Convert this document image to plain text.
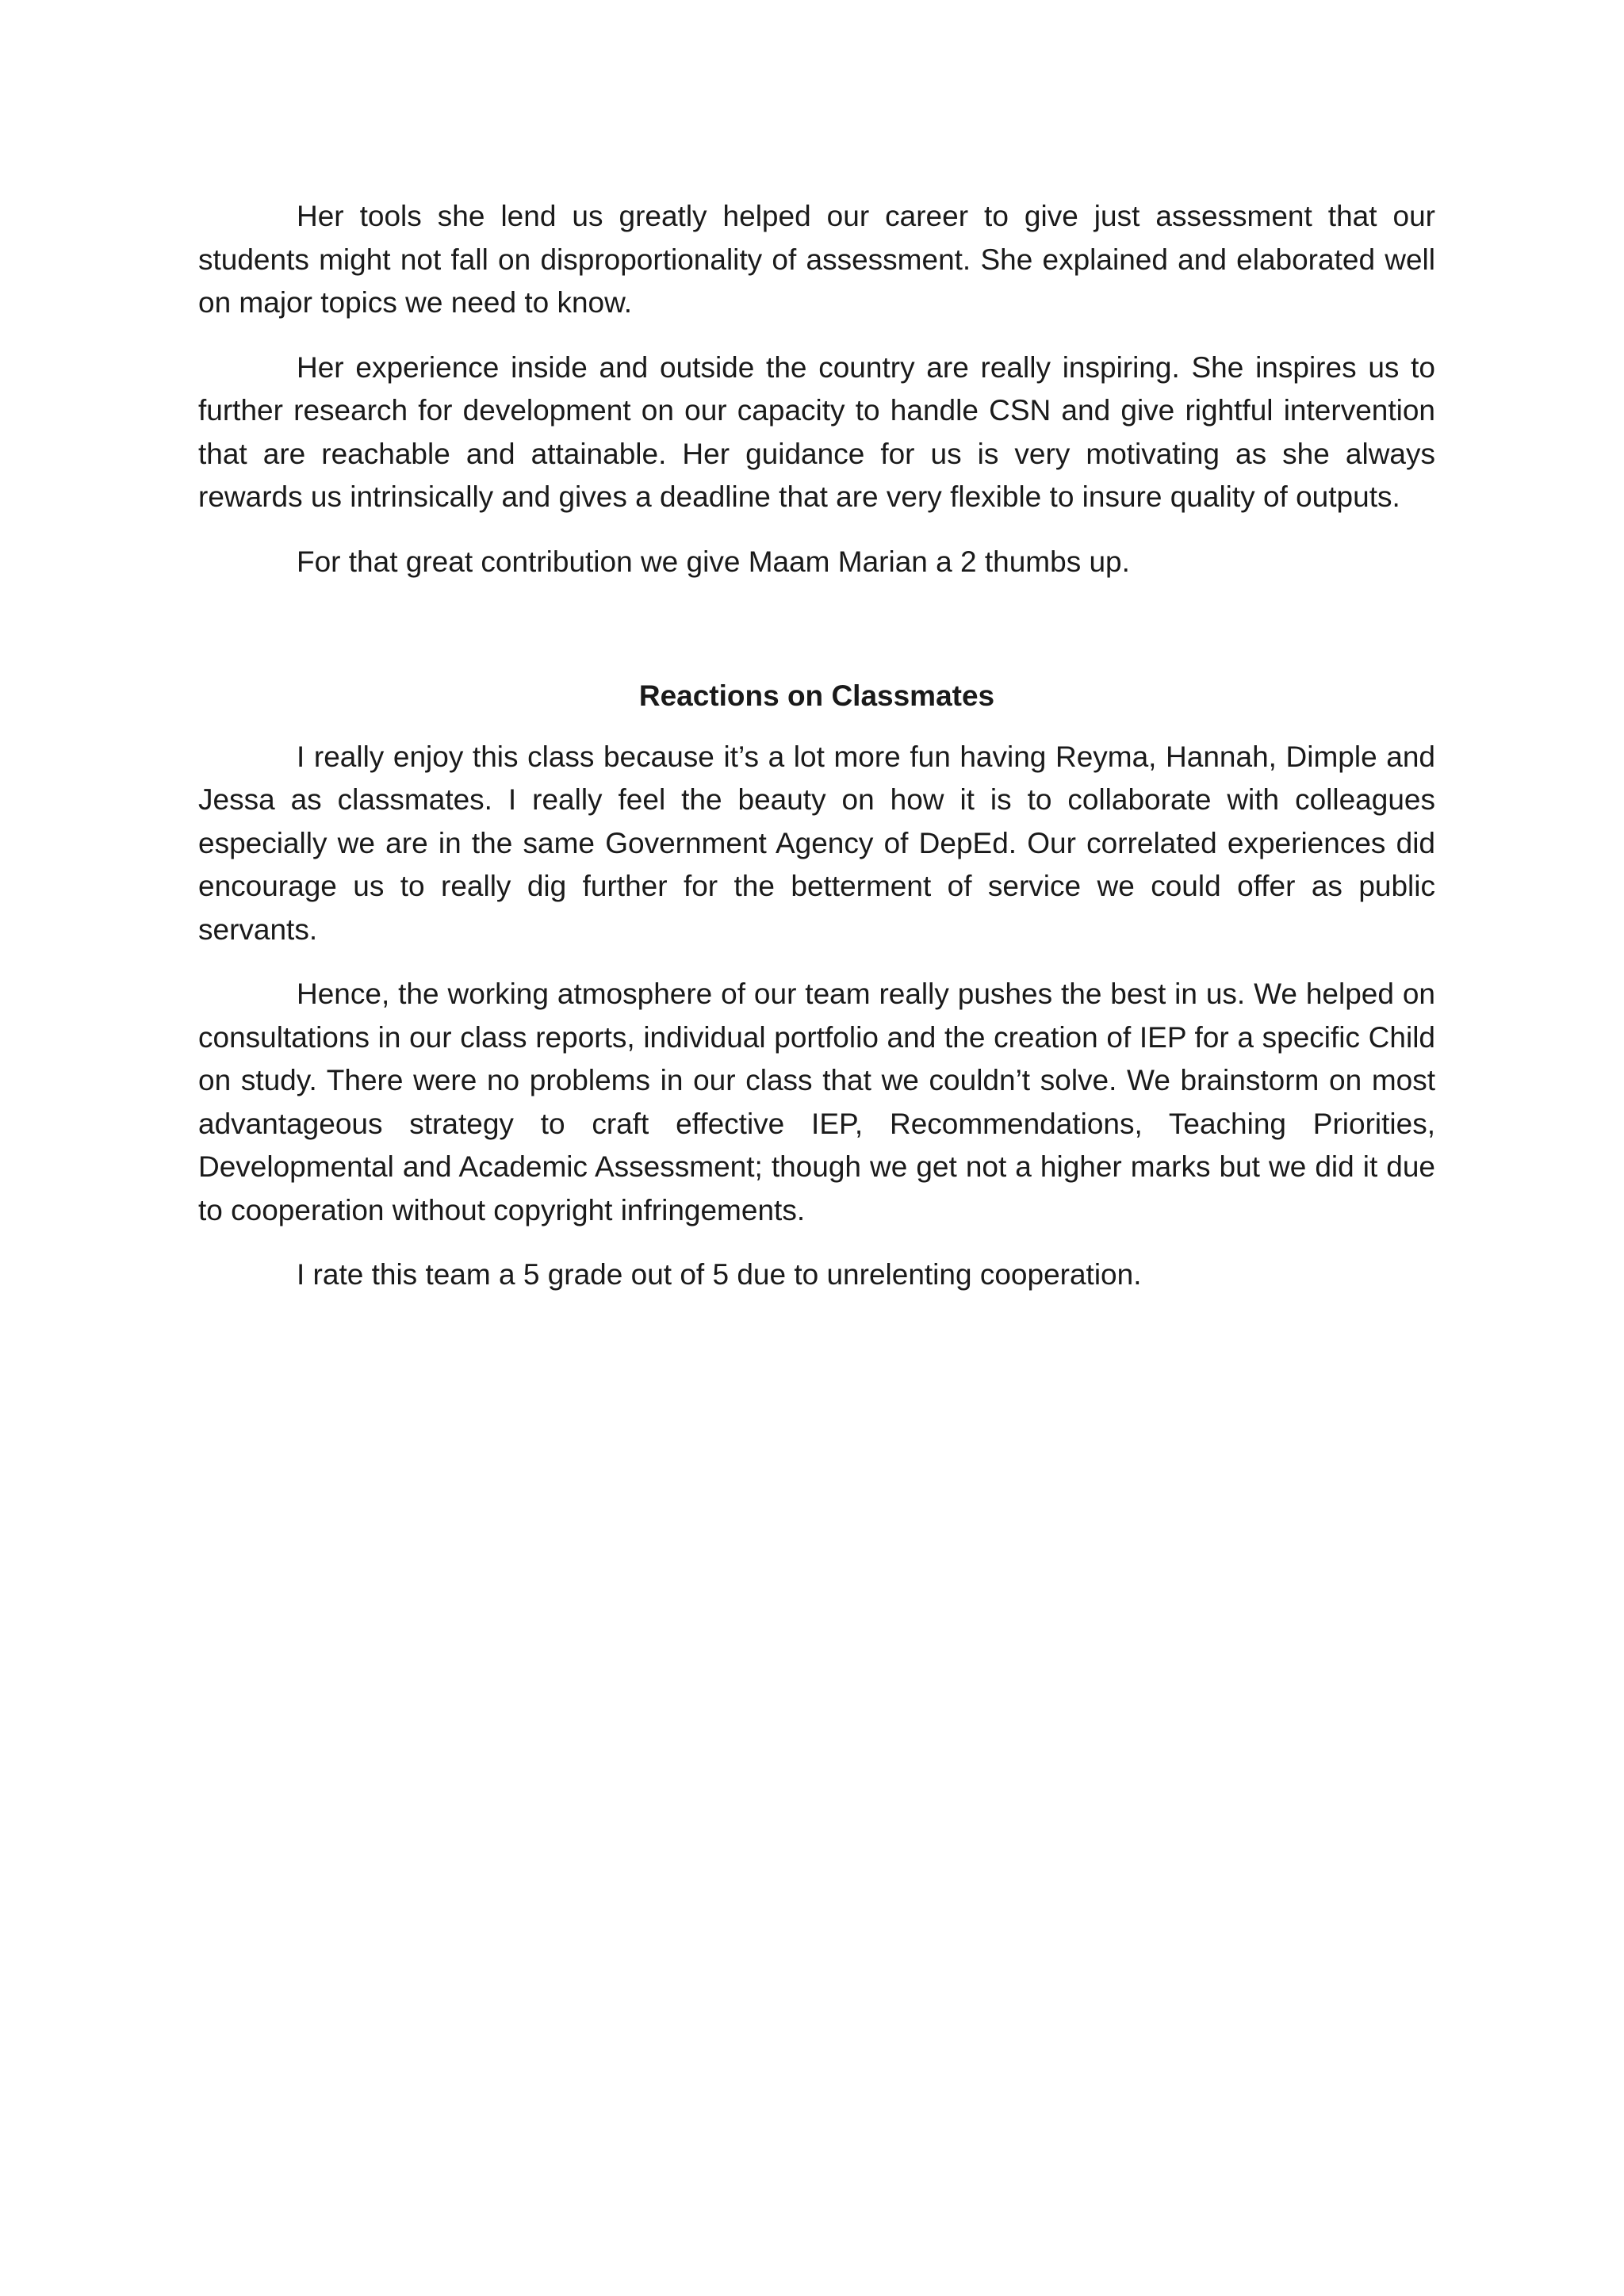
Her tools she lend us greatly helped our career to give just assessment that our students might not fall on disproportionality of assessment. She explained and elaborated well on major topics we need to know.

Her experience inside and outside the country are really inspiring. She inspires us to further research for development on our capacity to handle CSN and give rightful intervention that are reachable and attainable. Her guidance for us is very motivating as she always rewards us intrinsically and gives a deadline that are very flexible to insure quality of outputs.

For that great contribution we give Maam Marian a 2 thumbs up.

Reactions on Classmates

I really enjoy this class because it’s a lot more fun having Reyma, Hannah, Dimple and Jessa as classmates. I really feel the beauty on how it is to collaborate with colleagues especially we are in the same Government Agency of DepEd. Our correlated experiences did encourage us to really dig further for the betterment of service we could offer as public servants.

Hence, the working atmosphere of our team really pushes the best in us. We helped on consultations in our class reports, individual portfolio and the creation of IEP for a specific Child on study. There were no problems in our class that we couldn’t solve. We brainstorm on most advantageous strategy to craft effective IEP, Recommendations, Teaching Priorities, Developmental and Academic Assessment; though we get not a higher marks but we did it due to cooperation without copyright infringements.

I rate this team a 5 grade out of 5 due to unrelenting cooperation.
